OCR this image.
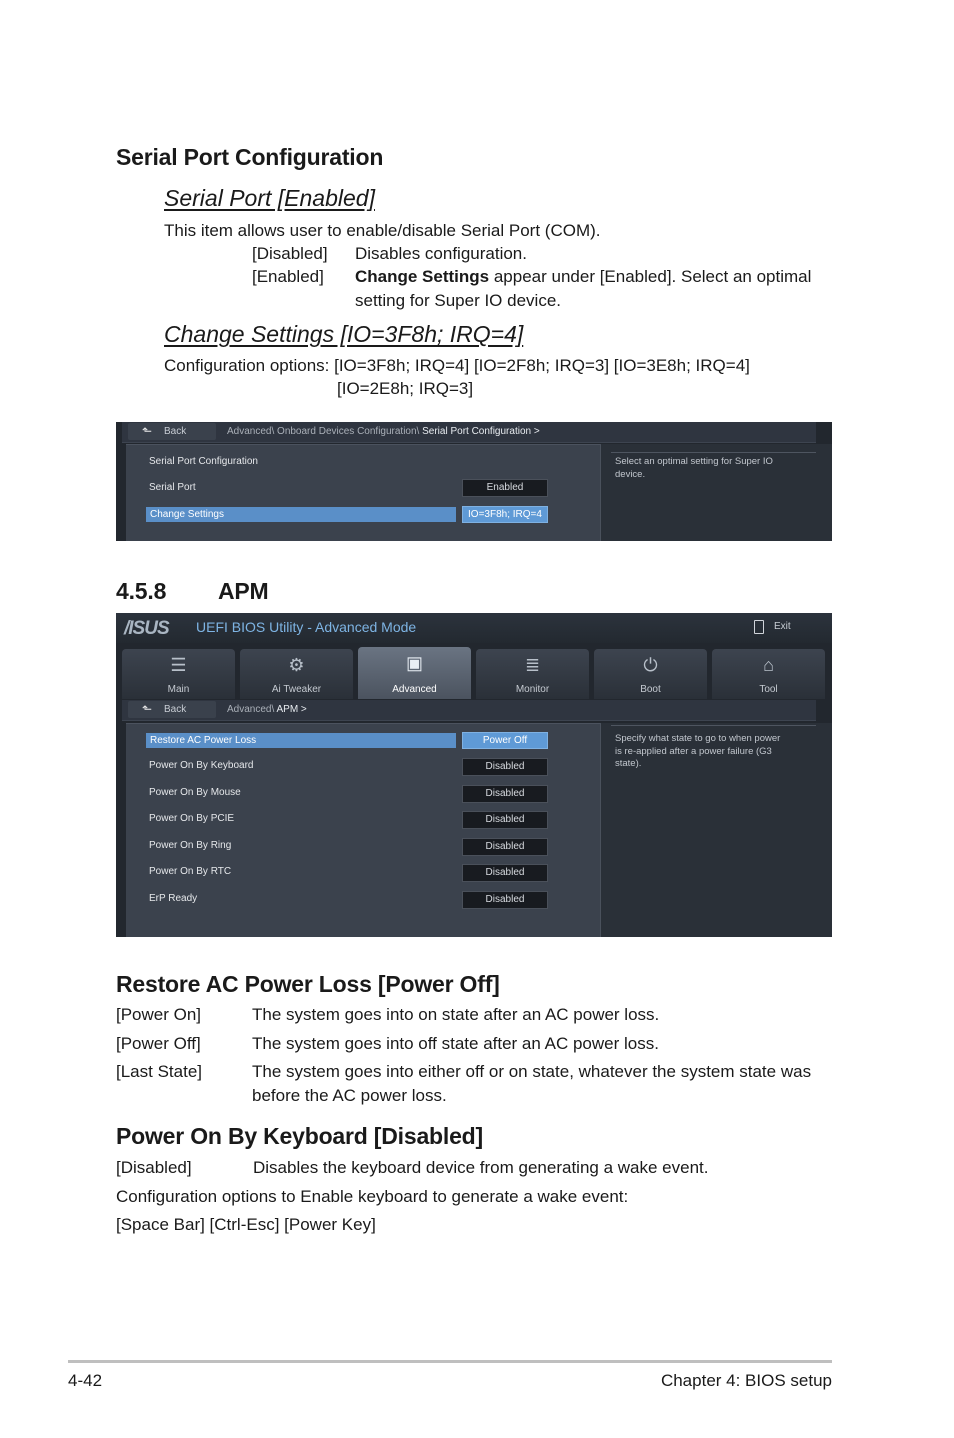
Serial Port Configuration
Serial Port [Enabled]
This item allows user to enable/disable Serial Port (COM).
[Disabled] Disables configuration.
[Enabled] Change Settings appear under [Enabled]. Select an optimal
setting for Super IO device.
Change Settings [IO=3F8h; IRQ=4]
Configuration options: [IO=3F8h; IRQ=4] [IO=2F8h; IRQ=3] [IO=3E8h; IRQ=4]
[IO=2E8h; IRQ=3]
⬑ Back	Advanced\ Onboard Devices Configuration\ Serial Port Configuration >
Serial Port Configuration
Serial Port	Enabled
Change Settings	IO=3F8h; IRQ=4
Select an optimal setting for Super IO device.
4.5.8 APM
/ISUS UEFI BIOS Utility - Advanced Mode	Exit
☰
Main
⚙
Ai Tweaker
▣
Advanced
≣
Monitor
⏻
Boot
⌂
Tool
⬑ Back	Advanced\ APM >
Restore AC Power Loss	Power Off
Power On By Keyboard	Disabled
Power On By Mouse	Disabled
Power On By PCIE	Disabled
Power On By Ring	Disabled
Power On By RTC	Disabled
ErP Ready	Disabled
Specify what state to go to when power is re-applied after a power failure (G3 state).
Restore AC Power Loss [Power Off]
[Power On]	The system goes into on state after an AC power loss.
[Power Off]	The system goes into off state after an AC power loss.
[Last State]	The system goes into either off or on state, whatever the system state was
before the AC power loss.
Power On By Keyboard [Disabled]
[Disabled]	Disables the keyboard device from generating a wake event.
Configuration options to Enable keyboard to generate a wake event:
[Space Bar] [Ctrl-Esc] [Power Key]
4-42	Chapter 4: BIOS setup
